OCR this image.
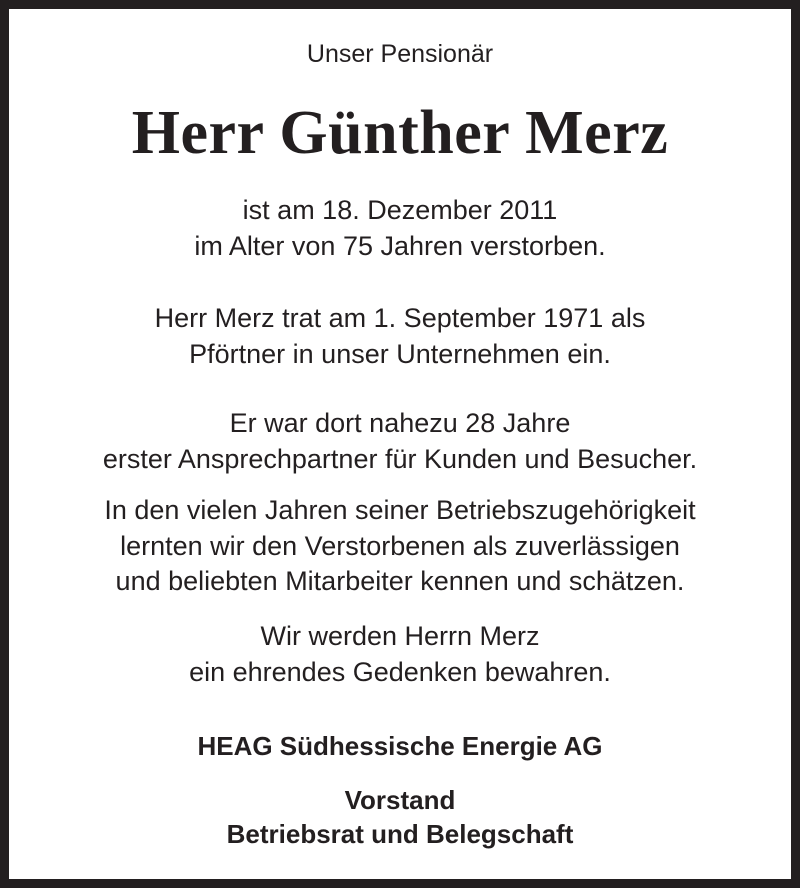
Unser Pensionär
Herr Günther Merz
ist am 18. Dezember 2011
im Alter von 75 Jahren verstorben.
Herr Merz trat am 1. September 1971 als
Pförtner in unser Unternehmen ein.
Er war dort nahezu 28 Jahre
erster Ansprechpartner für Kunden und Besucher.
In den vielen Jahren seiner Betriebszugehörigkeit
lernten wir den Verstorbenen als zuverlässigen
und beliebten Mitarbeiter kennen und schätzen.
Wir werden Herrn Merz
ein ehrendes Gedenken bewahren.
HEAG Südhessische Energie AG
Vorstand
Betriebsrat und Belegschaft
